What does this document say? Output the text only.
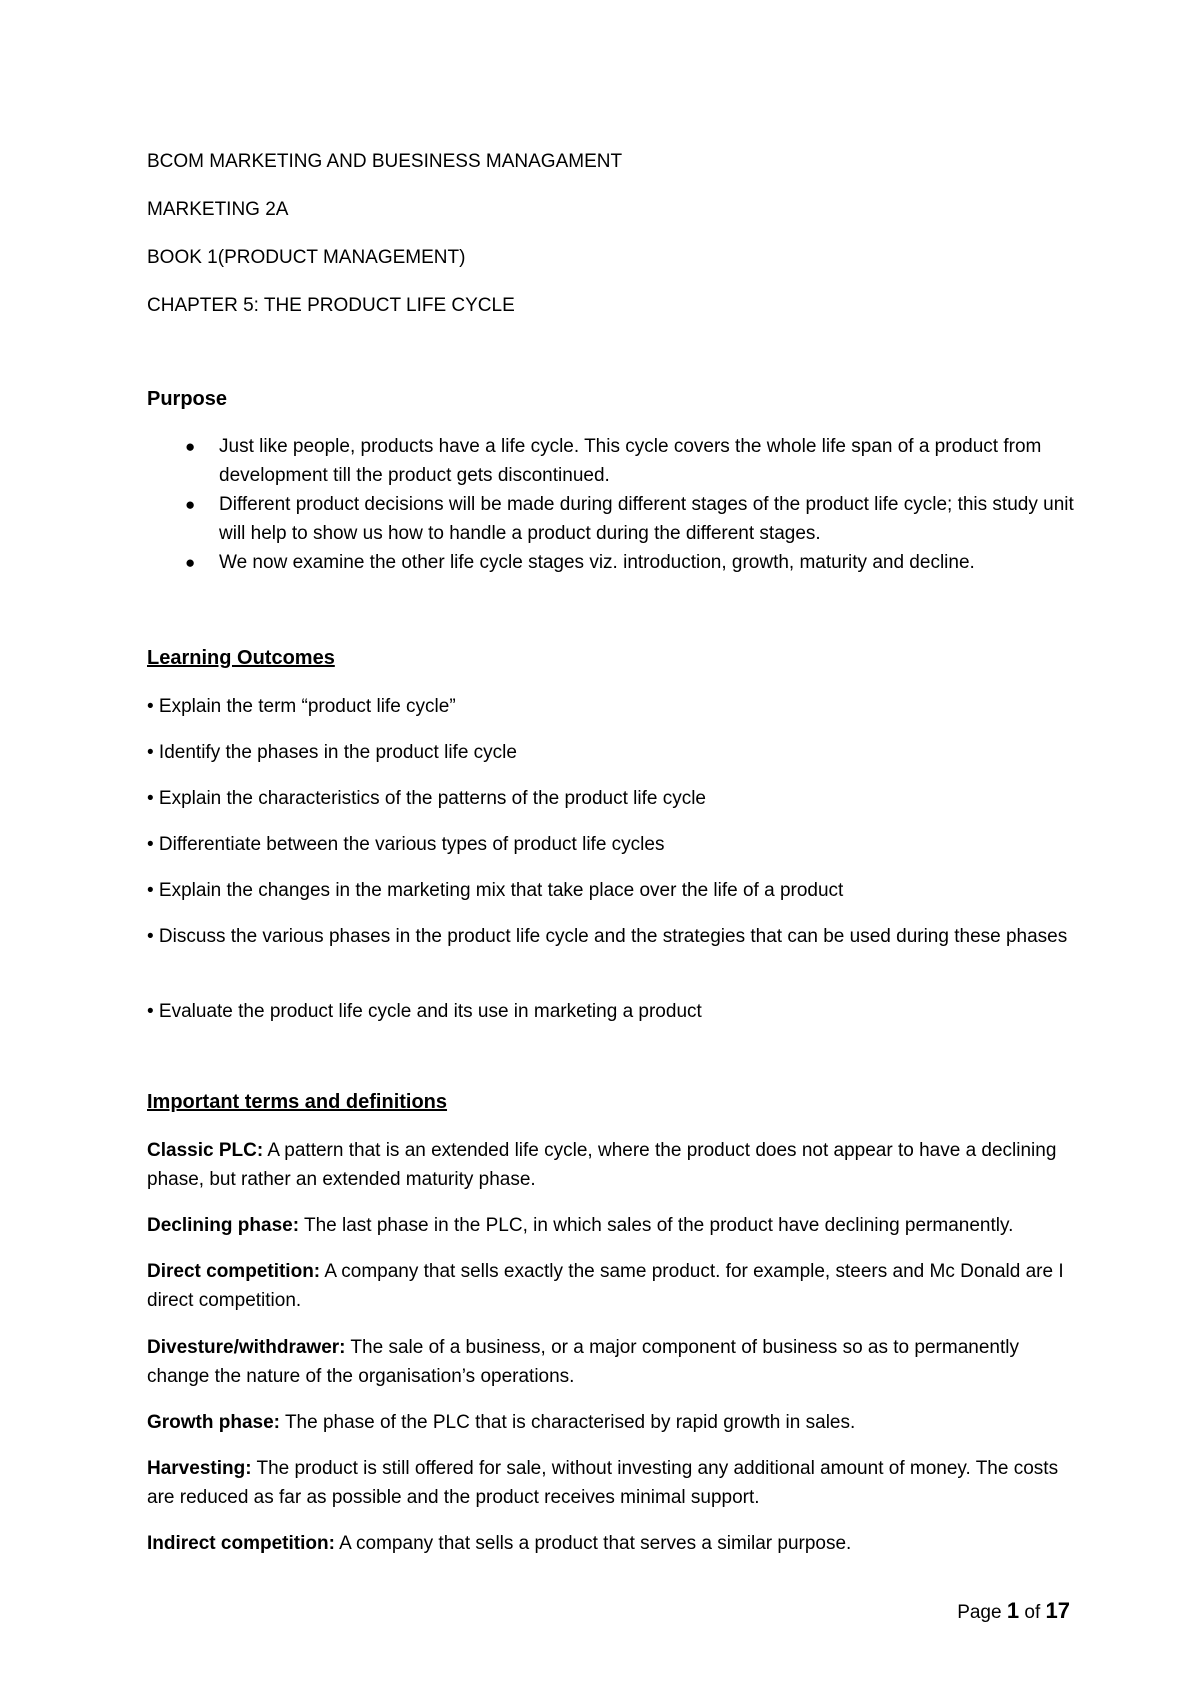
BCOM MARKETING AND BUESINESS MANAGAMENT

MARKETING 2A

BOOK 1(PRODUCT MANAGEMENT)

CHAPTER 5: THE PRODUCT LIFE CYCLE

Purpose

● Just like people, products have a life cycle. This cycle covers the whole life span of a product from development till the product gets discontinued.
● Different product decisions will be made during different stages of the product life cycle; this study unit will help to show us how to handle a product during the different stages.
● We now examine the other life cycle stages viz. introduction, growth, maturity and decline.

Learning Outcomes

• Explain the term “product life cycle”

• Identify the phases in the product life cycle

• Explain the characteristics of the patterns of the product life cycle

• Differentiate between the various types of product life cycles

• Explain the changes in the marketing mix that take place over the life of a product

• Discuss the various phases in the product life cycle and the strategies that can be used during these phases

• Evaluate the product life cycle and its use in marketing a product

Important terms and definitions

Classic PLC: A pattern that is an extended life cycle, where the product does not appear to have a declining phase, but rather an extended maturity phase.

Declining phase: The last phase in the PLC, in which sales of the product have declining permanently.

Direct competition: A company that sells exactly the same product. for example, steers and Mc Donald are I direct competition.

Divesture/withdrawer: The sale of a business, or a major component of business so as to permanently change the nature of the organisation’s operations.

Growth phase: The phase of the PLC that is characterised by rapid growth in sales.

Harvesting: The product is still offered for sale, without investing any additional amount of money. The costs are reduced as far as possible and the product receives minimal support.

Indirect competition: A company that sells a product that serves a similar purpose.

Page 1 of 17
